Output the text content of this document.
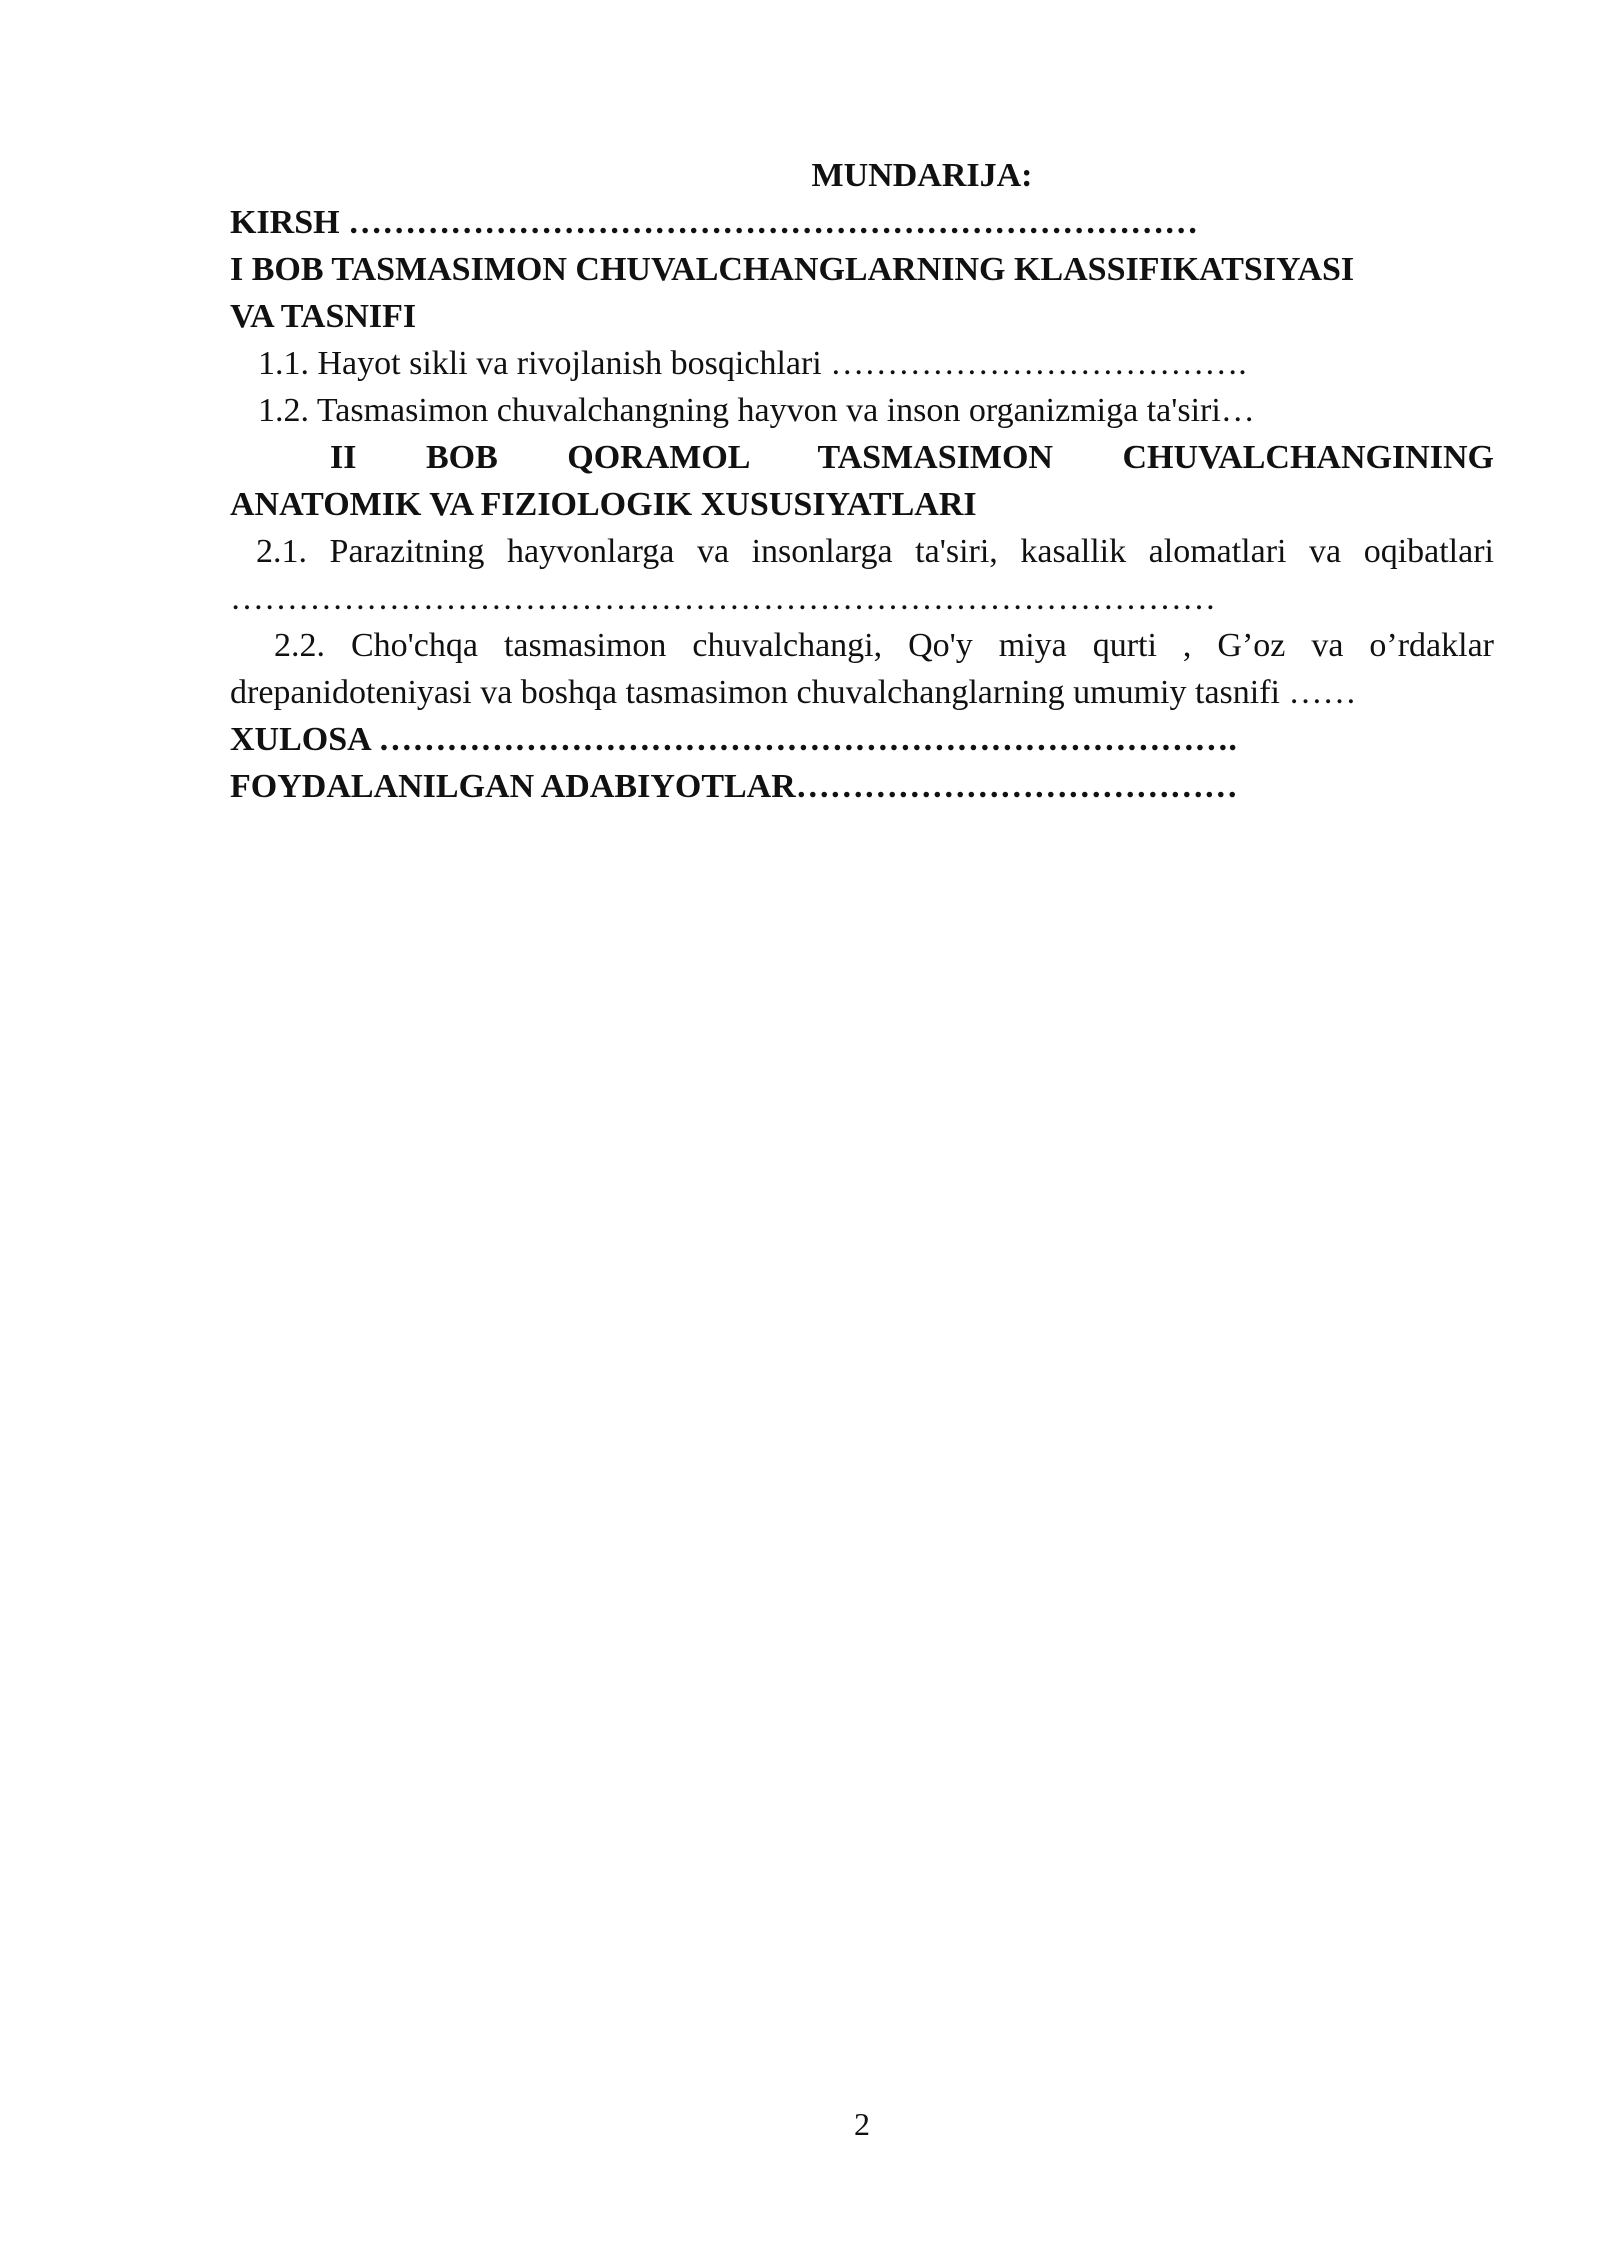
MUNDARIJA:

KIRSH …………………………………………………………………

I BOB TASMASIMON CHUVALCHANGLARNING KLASSIFIKATSIYASI

VA TASNIFI

1.1. Hayot sikli va rivojlanish bosqichlari ……………………………….

1.2. Tasmasimon chuvalchangning hayvon va inson organizmiga ta'siri…

II BOB QORAMOL TASMASIMON CHUVALCHANGINING

ANATOMIK VA FIZIOLOGIK XUSUSIYATLARI

2.1. Parazitning hayvonlarga va insonlarga ta'siri, kasallik alomatlari va oqibatlari

……………………………………………………………………………

2.2. Cho'chqa tasmasimon chuvalchangi, Qo'y miya qurti , G’oz va o’rdaklar

drepanidoteniyasi va boshqa tasmasimon chuvalchanglarning umumiy tasnifi ……

XULOSA ………………………………………………………………….

FOYDALANILGAN ADABIYOTLAR…………………………………

2
